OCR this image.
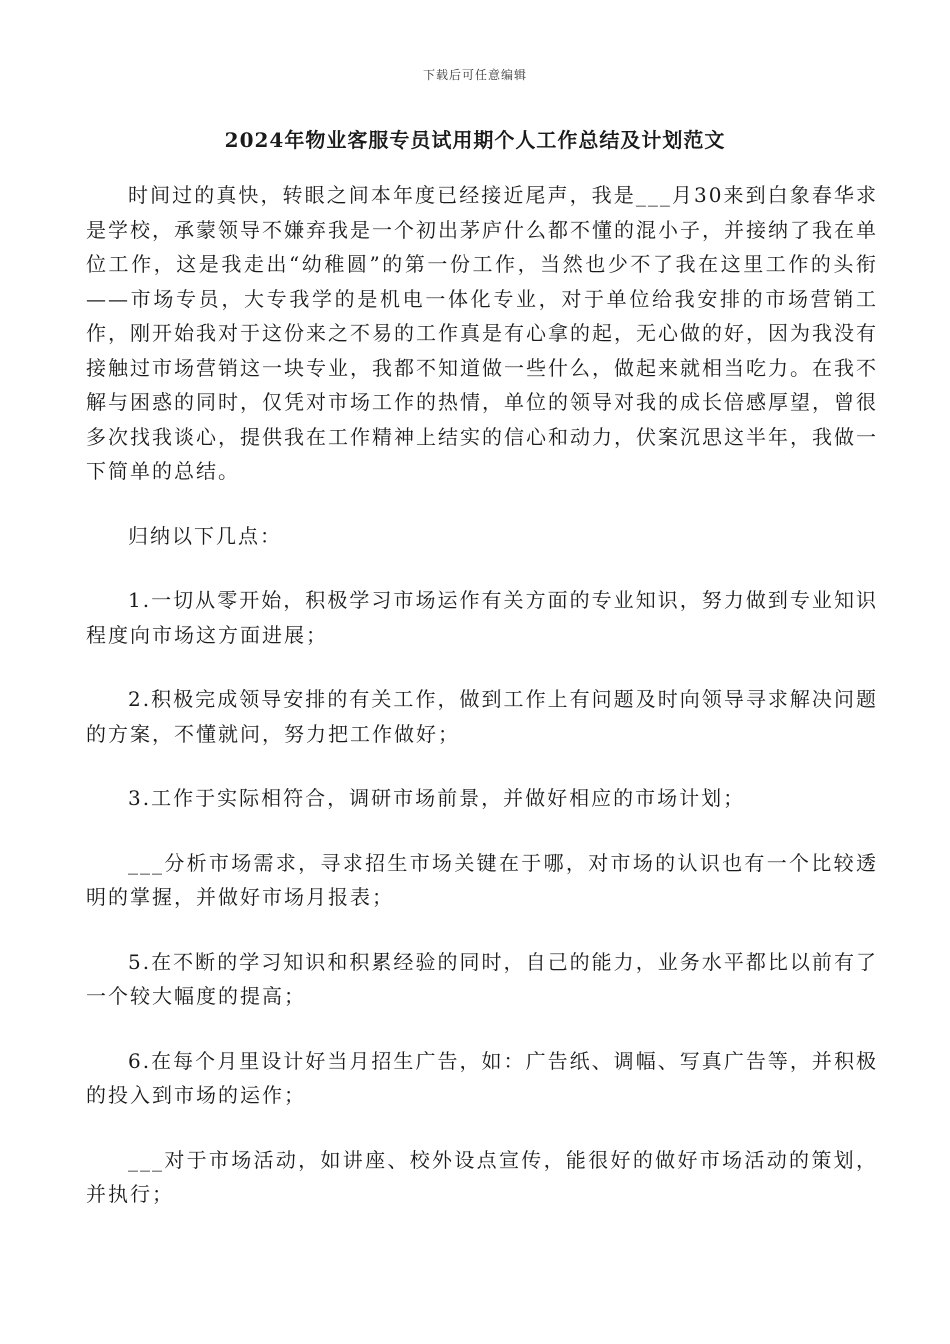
下载后可任意编辑
2024年物业客服专员试用期个人工作总结及计划范文

时间过的真快，转眼之间本年度已经接近尾声，我是___月30来到白象春华求是学校，承蒙领导不嫌弃我是一个初出茅庐什么都不懂的混小子，并接纳了我在单位工作，这是我走出“幼稚圆”的第一份工作，当然也少不了我在这里工作的头衔——市场专员，大专我学的是机电一体化专业，对于单位给我安排的市场营销工作，刚开始我对于这份来之不易的工作真是有心拿的起，无心做的好，因为我没有接触过市场营销这一块专业，我都不知道做一些什么，做起来就相当吃力。在我不解与困惑的同时，仅凭对市场工作的热情，单位的领导对我的成长倍感厚望，曾很多次找我谈心，提供我在工作精神上结实的信心和动力，伏案沉思这半年，我做一下简单的总结。

归纳以下几点：

1.一切从零开始，积极学习市场运作有关方面的专业知识，努力做到专业知识程度向市场这方面进展；

2.积极完成领导安排的有关工作，做到工作上有问题及时向领导寻求解决问题的方案，不懂就问，努力把工作做好；

3.工作于实际相符合，调研市场前景，并做好相应的市场计划；

___分析市场需求，寻求招生市场关键在于哪，对市场的认识也有一个比较透明的掌握，并做好市场月报表；

5.在不断的学习知识和积累经验的同时，自己的能力，业务水平都比以前有了一个较大幅度的提高；

6.在每个月里设计好当月招生广告，如：广告纸、调幅、写真广告等，并积极的投入到市场的运作；

___对于市场活动，如讲座、校外设点宣传，能很好的做好市场活动的策划，并执行；
